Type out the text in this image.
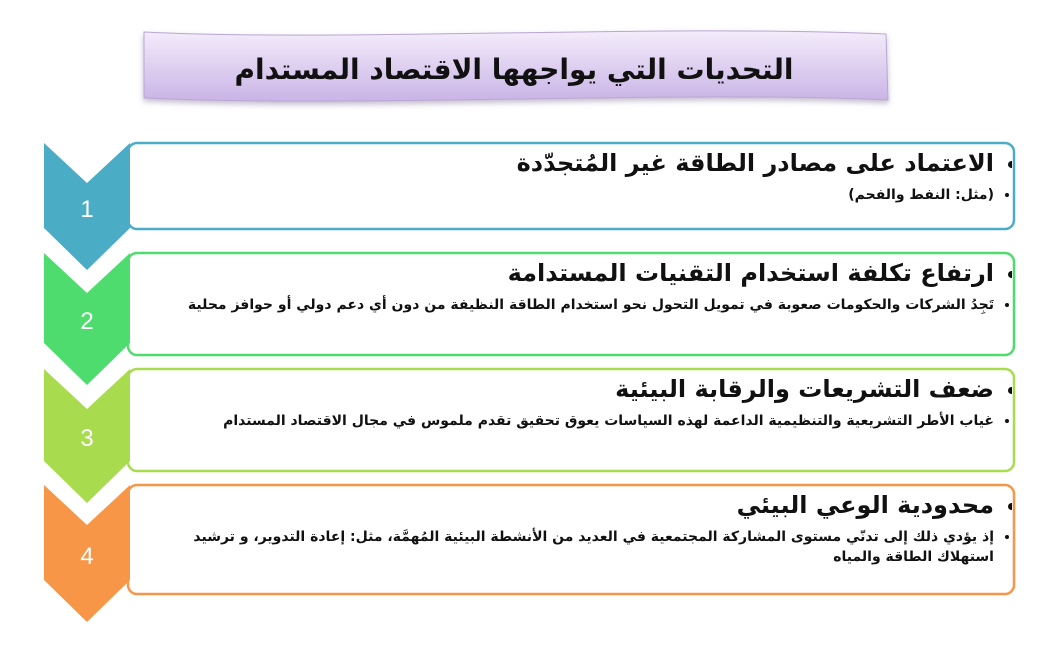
التحديات التي يواجهها الاقتصاد المستدام
1
• الاعتماد على مصادر الطاقة غير المُتجدّدة
• (مثل: النفط والفحم)
2
• ارتفاع تكلفة استخدام التقنيات المستدامة
• تَجِدُ الشركات والحكومات صعوبة في تمويل التحول نحو استخدام الطاقة النظيفة من دون أي دعم دولي أو حوافز محلية
3
• ضعف التشريعات والرقابة البيئية
• غياب الأطر التشريعية والتنظيمية الداعمة لهذه السياسات يعوق تحقيق تقدم ملموس في مجال الاقتصاد المستدام
4
• محدودية الوعي البيئي
• إذ يؤدي ذلك إلى تدنّي مستوى المشاركة المجتمعية في العديد من الأنشطة البيئية المُهمَّة، مثل: إعادة التدوير، و ترشيد استهلاك الطاقة والمياه
